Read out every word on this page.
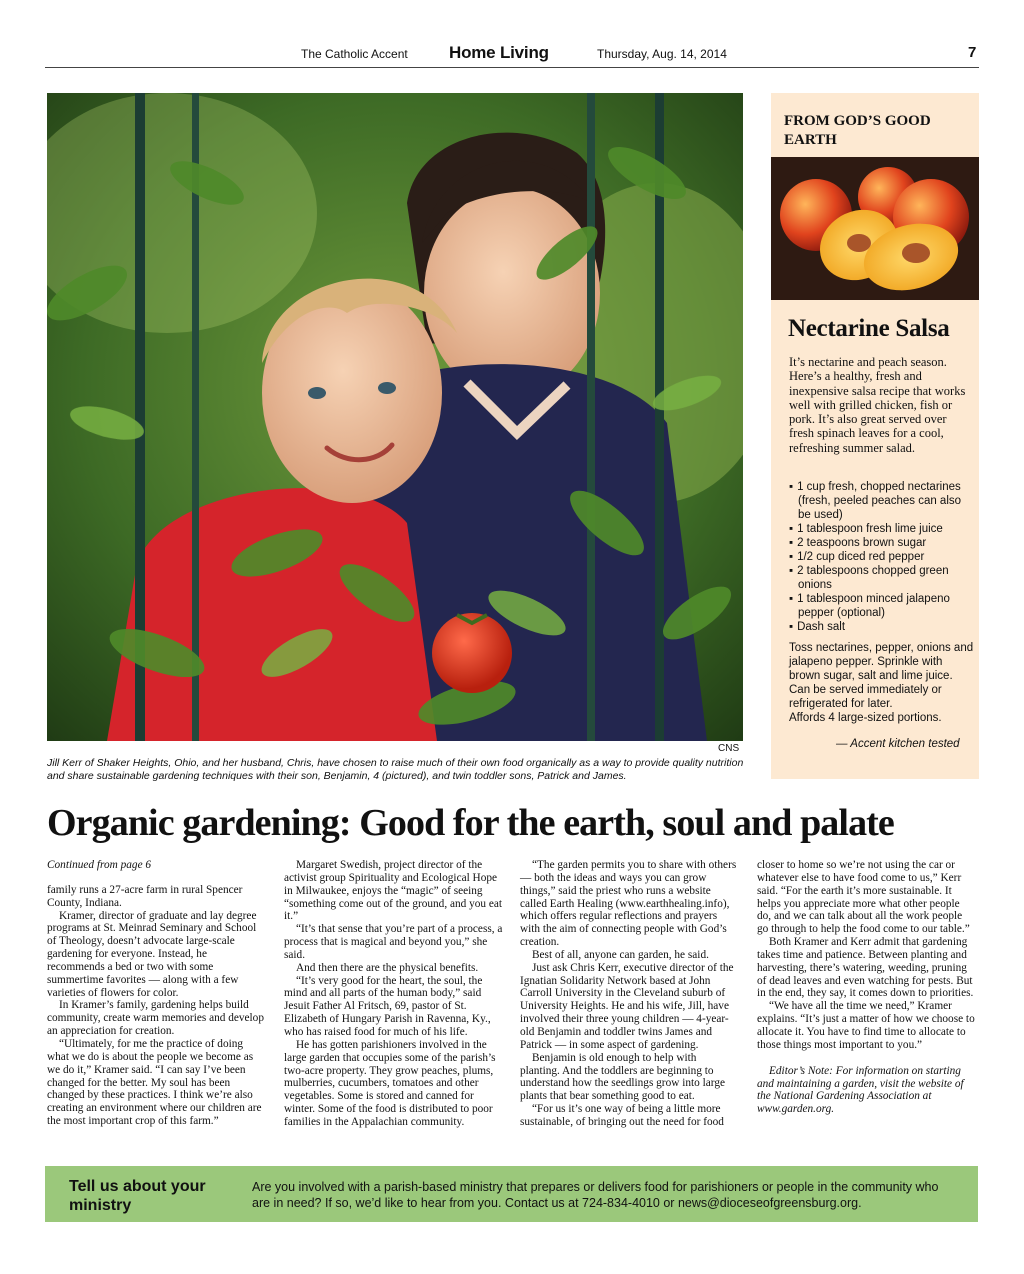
The Catholic Accent Home Living	Thursday, Aug. 14, 2014	7
CNS
Jill Kerr of Shaker Heights, Ohio, and her husband, Chris, have chosen to raise much of their own food organically as a way to provide quality nutrition and share sustainable gardening techniques with their son, Benjamin, 4 (pictured), and twin toddler sons, Patrick and James.
FROM GOD’S GOOD EARTH
Nectarine Salsa
It’s nectarine and peach season. Here’s a healthy, fresh and inexpensive salsa recipe that works well with grilled chicken, fish or pork. It’s also great served over fresh spinach leaves for a cool, refreshing summer salad.
▪ 1 cup fresh, chopped nectarines (fresh, peeled peaches can also be used)
▪ 1 tablespoon fresh lime juice
▪ 2 teaspoons brown sugar
▪ 1/2 cup diced red pepper
▪ 2 tablespoons chopped green onions
▪ 1 tablespoon minced jalapeno pepper (optional)
▪ Dash salt
Toss nectarines, pepper, onions and jalapeno pepper. Sprinkle with brown sugar, salt and lime juice. Can be served immediately or refrigerated for later.
Affords 4 large-sized portions.
— Accent kitchen tested
Organic gardening: Good for the earth, soul and palate

Continued from page 6

family runs a 27-acre farm in rural Spencer County, Indiana.

Kramer, director of graduate and lay degree programs at St. Meinrad Seminary and School of Theology, doesn’t advocate large-scale gardening for everyone. Instead, he recommends a bed or two with some summertime favorites — along with a few varieties of flowers for color.

In Kramer’s family, gardening helps build community, create warm memories and develop an appreciation for creation.

“Ultimately, for me the practice of doing what we do is about the people we become as we do it,” Kramer said. “I can say I’ve been changed for the better. My soul has been changed by these practices. I think we’re also creating an environment where our children are the most important crop of this farm.”

Margaret Swedish, project director of the activist group Spirituality and Ecological Hope in Milwaukee, enjoys the “magic” of seeing “something come out of the ground, and you eat it.”

“It’s that sense that you’re part of a process, a process that is magical and beyond you,” she said.

And then there are the physical benefits.

“It’s very good for the heart, the soul, the mind and all parts of the human body,” said Jesuit Father Al Fritsch, 69, pastor of St. Elizabeth of Hungary Parish in Ravenna, Ky., who has raised food for much of his life.

He has gotten parishioners involved in the large garden that occupies some of the parish’s two-acre property. They grow peaches, plums, mulberries, cucumbers, tomatoes and other vegetables. Some is stored and canned for winter. Some of the food is distributed to poor families in the Appalachian community.

“The garden permits you to share with others — both the ideas and ways you can grow things,” said the priest who runs a website called Earth Healing (www.earthhealing.info), which offers regular reflections and prayers with the aim of connecting people with God’s creation.

Best of all, anyone can garden, he said.

Just ask Chris Kerr, executive director of the Ignatian Solidarity Network based at John Carroll University in the Cleveland suburb of University Heights. He and his wife, Jill, have involved their three young children — 4-year-old Benjamin and toddler twins James and Patrick — in some aspect of gardening.

Benjamin is old enough to help with planting. And the toddlers are beginning to understand how the seedlings grow into large plants that bear something good to eat.

“For us it’s one way of being a little more sustainable, of bringing out the need for food

closer to home so we’re not using the car or whatever else to have food come to us,” Kerr said. “For the earth it’s more sustainable. It helps you appreciate more what other people do, and we can talk about all the work people go through to help the food come to our table.”

Both Kramer and Kerr admit that gardening takes time and patience. Between planting and harvesting, there’s watering, weeding, pruning of dead leaves and even watching for pests. But in the end, they say, it comes down to priorities.

“We have all the time we need,” Kramer explains. “It’s just a matter of how we choose to allocate it. You have to find time to allocate to those things most important to you.”

Editor’s Note: For information on starting and maintaining a garden, visit the website of the National Gardening Association at www.garden.org.

Tell us about your ministry
Are you involved with a parish-based ministry that prepares or delivers food for parishioners or people in the community who are in need? If so, we’d like to hear from you. Contact us at 724-834-4010 or news@dioceseofgreensburg.org.
